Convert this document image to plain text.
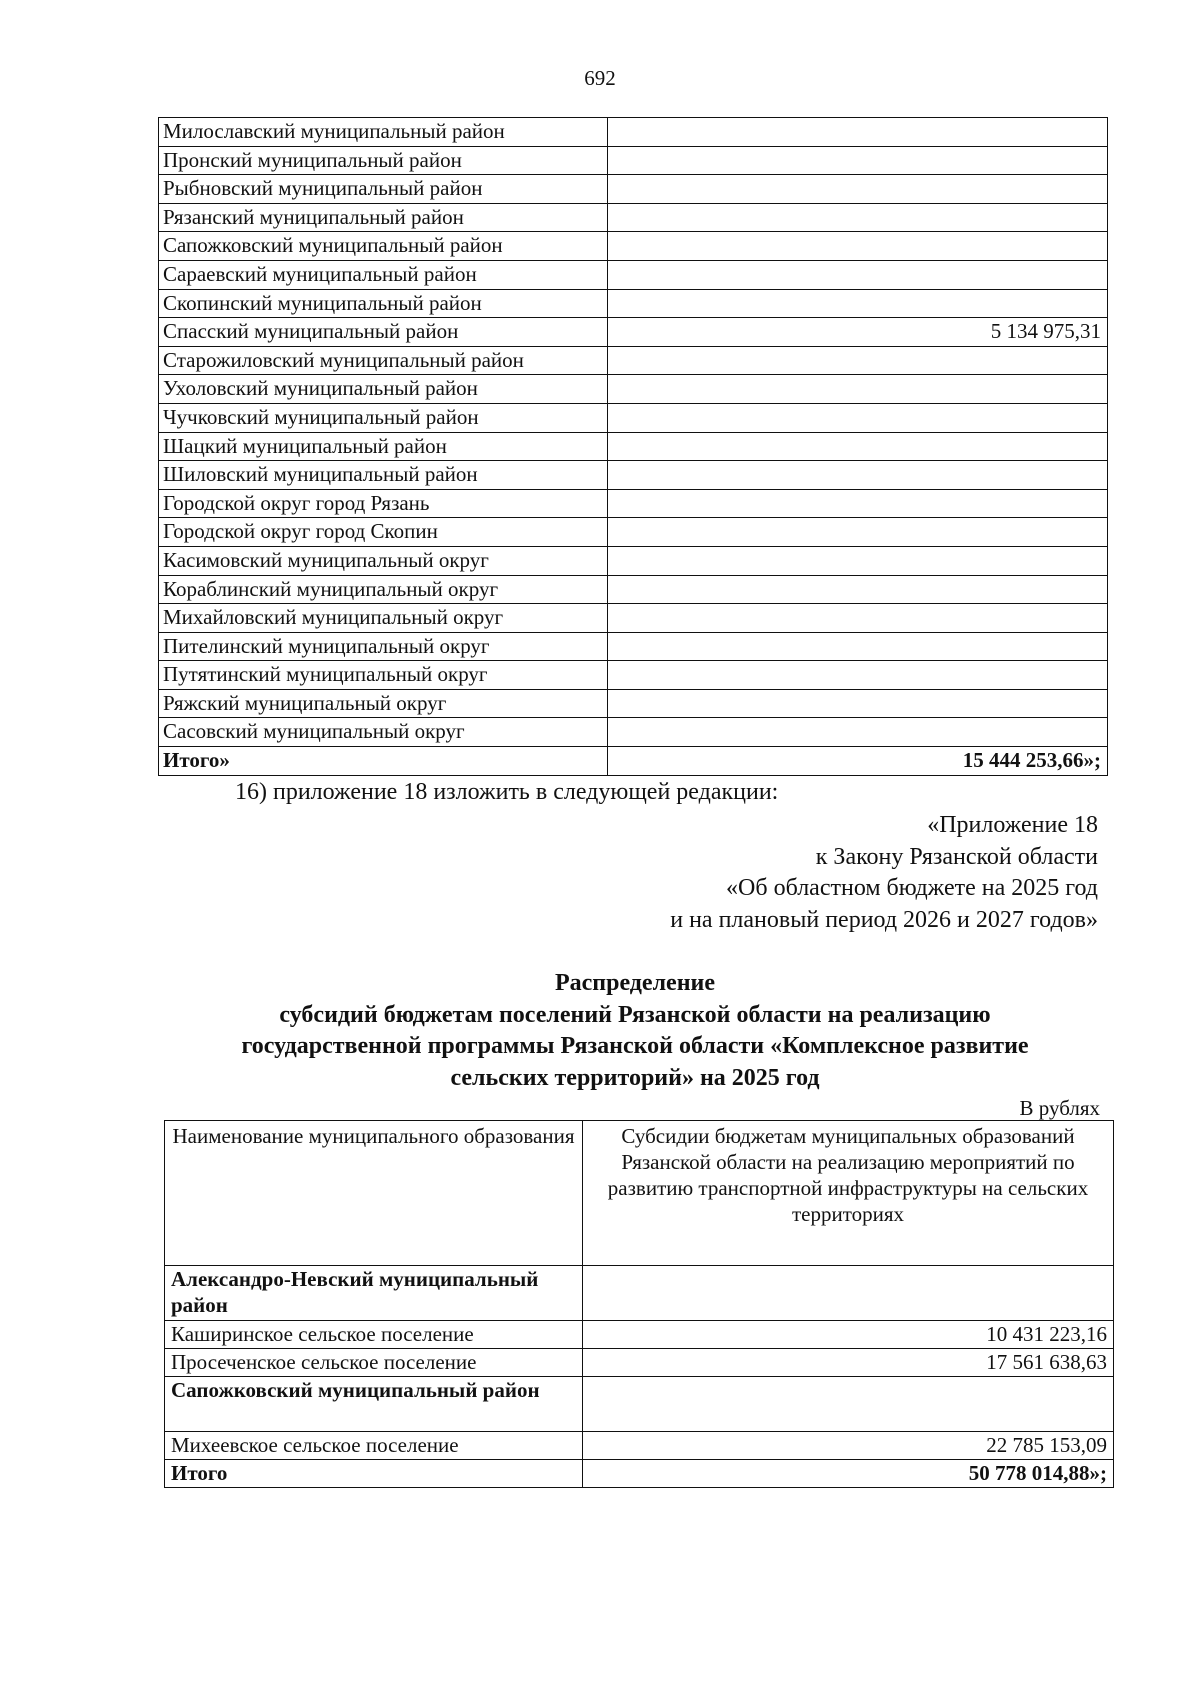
692
Милославский муниципальный район	
Пронский муниципальный район	
Рыбновский муниципальный район	
Рязанский муниципальный район	
Сапожковский муниципальный район	
Сараевский муниципальный район	
Скопинский муниципальный район	
Спасский муниципальный район	5 134 975,31
Старожиловский муниципальный район	
Ухоловский муниципальный район	
Чучковский муниципальный район	
Шацкий муниципальный район	
Шиловский муниципальный район	
Городской округ город Рязань	
Городской округ город Скопин	
Касимовский муниципальный округ	
Кораблинский муниципальный округ	
Михайловский муниципальный округ	
Пителинский муниципальный округ	
Путятинский муниципальный округ	
Ряжский муниципальный округ	
Сасовский муниципальный округ	
Итого»	15 444 253,66»;
16) приложение 18 изложить в следующей редакции:
«Приложение 18
к Закону Рязанской области
«Об областном бюджете на 2025 год
и на плановый период 2026 и 2027 годов»
Распределение
субсидий бюджетам поселений Рязанской области на реализацию
государственной программы Рязанской области «Комплексное развитие
сельских территорий» на 2025 год
В рублях
Наименование муниципального образования	Субсидии бюджетам муниципальных образований Рязанской области на реализацию мероприятий по развитию транспортной инфраструктуры на сельских территориях
Александро-Невский муниципальный район	
Каширинское сельское поселение	10 431 223,16
Просеченское сельское поселение	17 561 638,63
Сапожковский муниципальный район	
Михеевское сельское поселение	22 785 153,09
Итого	50 778 014,88»;
